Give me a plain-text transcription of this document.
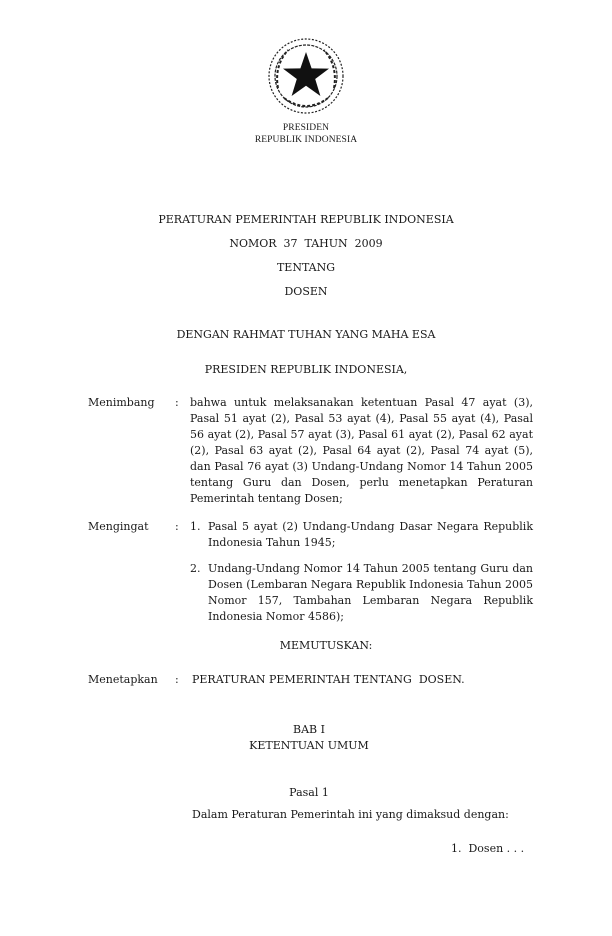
PRESIDEN
REPUBLIK INDONESIA
PERATURAN PEMERINTAH REPUBLIK INDONESIA
NOMOR  37  TAHUN  2009
TENTANG
DOSEN
DENGAN RAHMAT TUHAN YANG MAHA ESA
PRESIDEN REPUBLIK INDONESIA,
Menimbang : bahwa untuk melaksanakan ketentuan Pasal 47 ayat (3), Pasal 51 ayat (2), Pasal 53 ayat (4), Pasal 55 ayat (4), Pasal 56 ayat (2), Pasal 57 ayat (3), Pasal 61 ayat (2), Pasal 62 ayat (2), Pasal 63 ayat (2), Pasal 64 ayat (2), Pasal 74 ayat (5), dan Pasal 76 ayat (3) Undang-Undang Nomor 14 Tahun 2005 tentang Guru dan Dosen, perlu menetapkan Peraturan Pemerintah tentang Dosen;
Mengingat : 1. Pasal 5 ayat (2) Undang-Undang Dasar Negara Republik Indonesia Tahun 1945;
2. Undang-Undang Nomor 14 Tahun 2005 tentang Guru dan Dosen (Lembaran Negara Republik Indonesia Tahun 2005 Nomor 157, Tambahan Lembaran Negara Republik Indonesia Nomor 4586);
MEMUTUSKAN:
Menetapkan : PERATURAN PEMERINTAH TENTANG  DOSEN.
BAB I
KETENTUAN UMUM
Pasal 1
Dalam Peraturan Pemerintah ini yang dimaksud dengan:
1.  Dosen . . .
